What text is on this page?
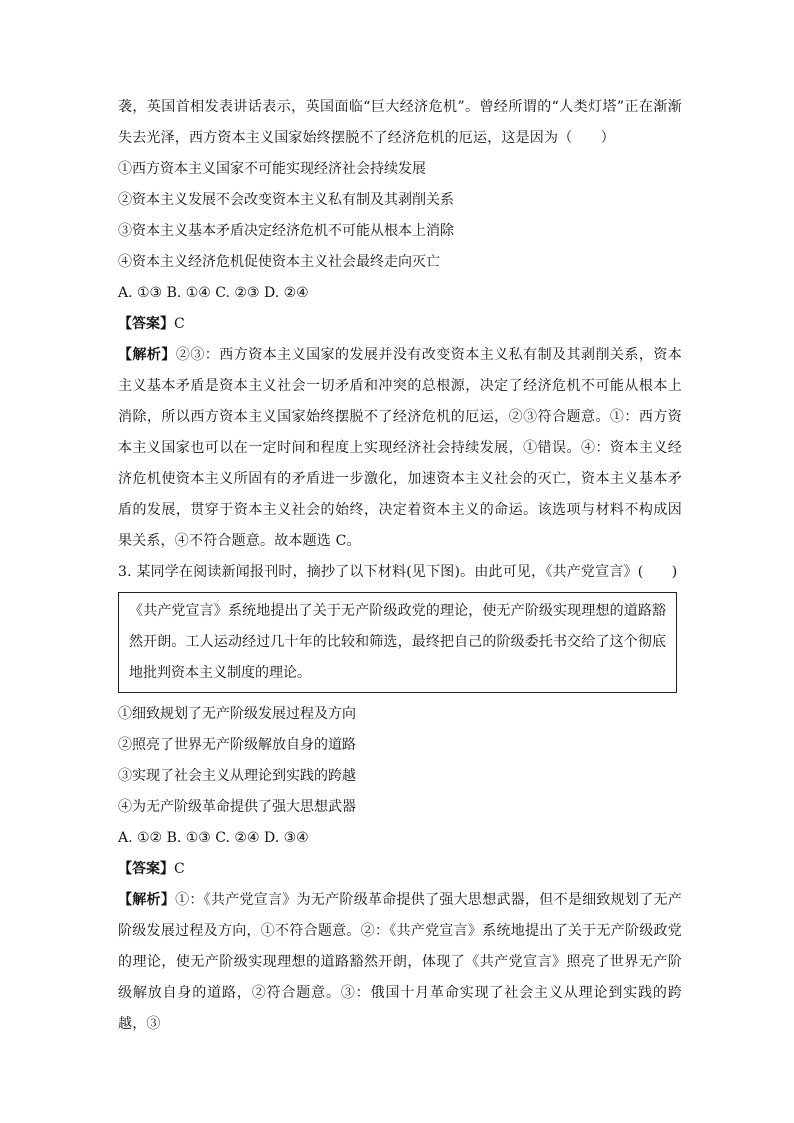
袭，英国首相发表讲话表示，英国面临“巨大经济危机”。曾经所谓的“人类灯塔”正在渐渐失去光泽，西方资本主义国家始终摆脱不了经济危机的厄运，这是因为（　　）

①西方资本主义国家不可能实现经济社会持续发展

②资本主义发展不会改变资本主义私有制及其剥削关系

③资本主义基本矛盾决定经济危机不可能从根本上消除

④资本主义经济危机促使资本主义社会最终走向灭亡

A. ①③ B. ①④ C. ②③ D. ②④

【答案】C

【解析】②③：西方资本主义国家的发展并没有改变资本主义私有制及其剥削关系，资本主义基本矛盾是资本主义社会一切矛盾和冲突的总根源，决定了经济危机不可能从根本上消除，所以西方资本主义国家始终摆脱不了经济危机的厄运，②③符合题意。①：西方资本主义国家也可以在一定时间和程度上实现经济社会持续发展，①错误。④：资本主义经济危机使资本主义所固有的矛盾进一步激化，加速资本主义社会的灭亡，资本主义基本矛盾的发展，贯穿于资本主义社会的始终，决定着资本主义的命运。该选项与材料不构成因果关系，④不符合题意。故本题选 C。

3. 某同学在阅读新闻报刊时，摘抄了以下材料(见下图)。由此可见，《共产党宣言》(　　)

《共产党宣言》系统地提出了关于无产阶级政党的理论，使无产阶级实现理想的道路豁然开朗。工人运动经过几十年的比较和筛选，最终把自己的阶级委托书交给了这个彻底地批判资本主义制度的理论。

①细致规划了无产阶级发展过程及方向

②照亮了世界无产阶级解放自身的道路

③实现了社会主义从理论到实践的跨越

④为无产阶级革命提供了强大思想武器

A. ①② B. ①③ C. ②④ D. ③④

【答案】C

【解析】①：《共产党宣言》为无产阶级革命提供了强大思想武器，但不是细致规划了无产阶级发展过程及方向，①不符合题意。②：《共产党宣言》系统地提出了关于无产阶级政党的理论，使无产阶级实现理想的道路豁然开朗，体现了《共产党宣言》照亮了世界无产阶级解放自身的道路，②符合题意。③：俄国十月革命实现了社会主义从理论到实践的跨越，③
